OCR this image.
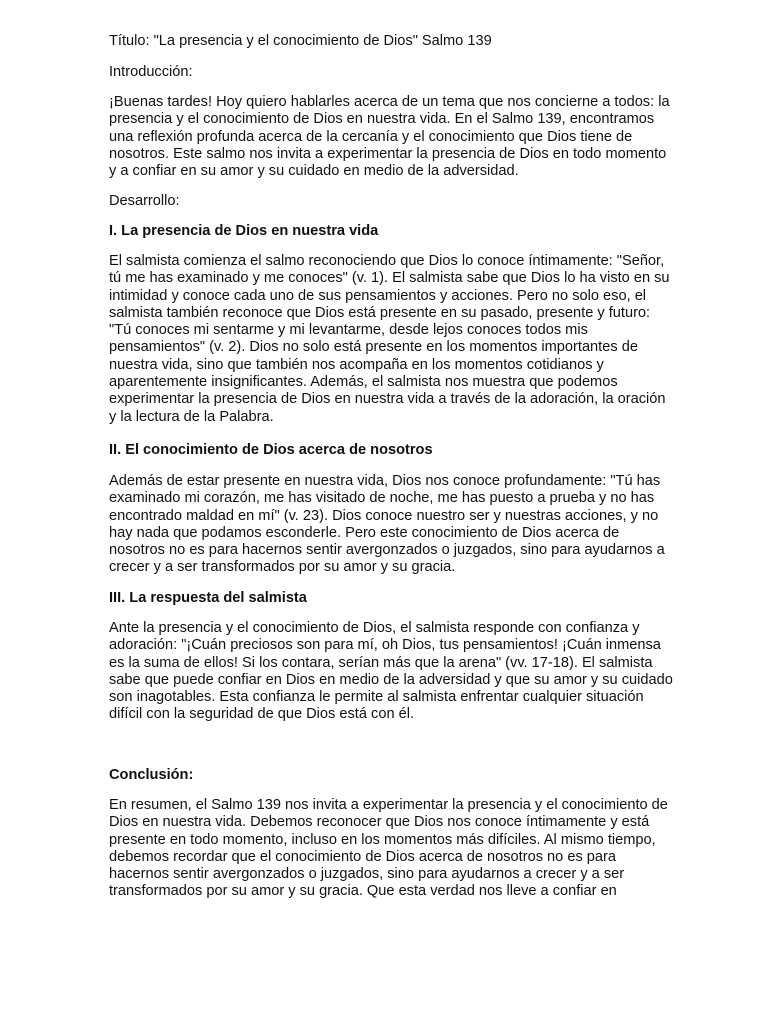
Título: "La presencia y el conocimiento de Dios" Salmo 139

Introducción:

¡Buenas tardes! Hoy quiero hablarles acerca de un tema que nos concierne a todos: la
presencia y el conocimiento de Dios en nuestra vida. En el Salmo 139, encontramos
una reflexión profunda acerca de la cercanía y el conocimiento que Dios tiene de
nosotros. Este salmo nos invita a experimentar la presencia de Dios en todo momento
y a confiar en su amor y su cuidado en medio de la adversidad.

Desarrollo:

I. La presencia de Dios en nuestra vida

El salmista comienza el salmo reconociendo que Dios lo conoce íntimamente: "Señor,
tú me has examinado y me conoces" (v. 1). El salmista sabe que Dios lo ha visto en su
intimidad y conoce cada uno de sus pensamientos y acciones. Pero no solo eso, el
salmista también reconoce que Dios está presente en su pasado, presente y futuro:
"Tú conoces mi sentarme y mi levantarme, desde lejos conoces todos mis
pensamientos" (v. 2). Dios no solo está presente en los momentos importantes de
nuestra vida, sino que también nos acompaña en los momentos cotidianos y
aparentemente insignificantes. Además, el salmista nos muestra que podemos
experimentar la presencia de Dios en nuestra vida a través de la adoración, la oración
y la lectura de la Palabra.

II. El conocimiento de Dios acerca de nosotros

Además de estar presente en nuestra vida, Dios nos conoce profundamente: "Tú has
examinado mi corazón, me has visitado de noche, me has puesto a prueba y no has
encontrado maldad en mí" (v. 23). Dios conoce nuestro ser y nuestras acciones, y no
hay nada que podamos esconderle. Pero este conocimiento de Dios acerca de
nosotros no es para hacernos sentir avergonzados o juzgados, sino para ayudarnos a
crecer y a ser transformados por su amor y su gracia.

III. La respuesta del salmista

Ante la presencia y el conocimiento de Dios, el salmista responde con confianza y
adoración: "¡Cuán preciosos son para mí, oh Dios, tus pensamientos! ¡Cuán inmensa
es la suma de ellos! Si los contara, serían más que la arena" (vv. 17-18). El salmista
sabe que puede confiar en Dios en medio de la adversidad y que su amor y su cuidado
son inagotables. Esta confianza le permite al salmista enfrentar cualquier situación
difícil con la seguridad de que Dios está con él.

Conclusión:

En resumen, el Salmo 139 nos invita a experimentar la presencia y el conocimiento de
Dios en nuestra vida. Debemos reconocer que Dios nos conoce íntimamente y está
presente en todo momento, incluso en los momentos más difíciles. Al mismo tiempo,
debemos recordar que el conocimiento de Dios acerca de nosotros no es para
hacernos sentir avergonzados o juzgados, sino para ayudarnos a crecer y a ser
transformados por su amor y su gracia. Que esta verdad nos lleve a confiar en
